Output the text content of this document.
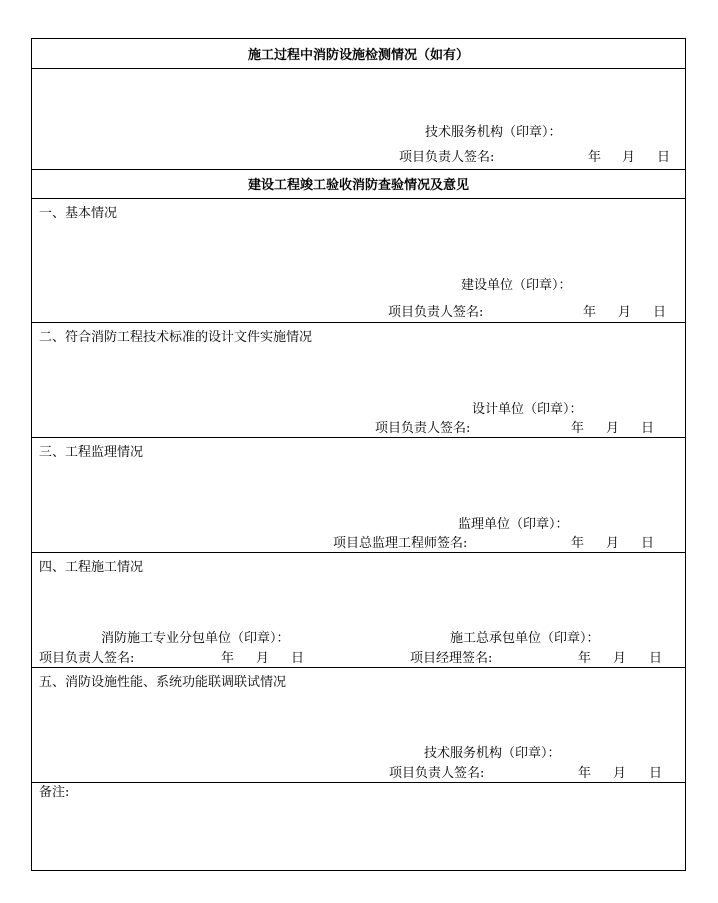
施工过程中消防设施检测情况（如有）
技术服务机构（印章）：
项目负责人签名:	年 月 日
建设工程竣工验收消防查验情况及意见
一、基本情况
建设单位（印章）：
项目负责人签名:	年 月 日
二、符合消防工程技术标准的设计文件实施情况
设计单位（印章）：
项目负责人签名:	年 月 日
三、工程监理情况
监理单位（印章）：
项目总监理工程师签名:	年 月 日
四、工程施工情况
消防施工专业分包单位（印章）：
项目负责人签名:	年 月 日
施工总承包单位（印章）：
项目经理签名:	年 月 日
五、消防设施性能、系统功能联调联试情况
技术服务机构（印章）：
项目负责人签名:	年 月 日
备注:
